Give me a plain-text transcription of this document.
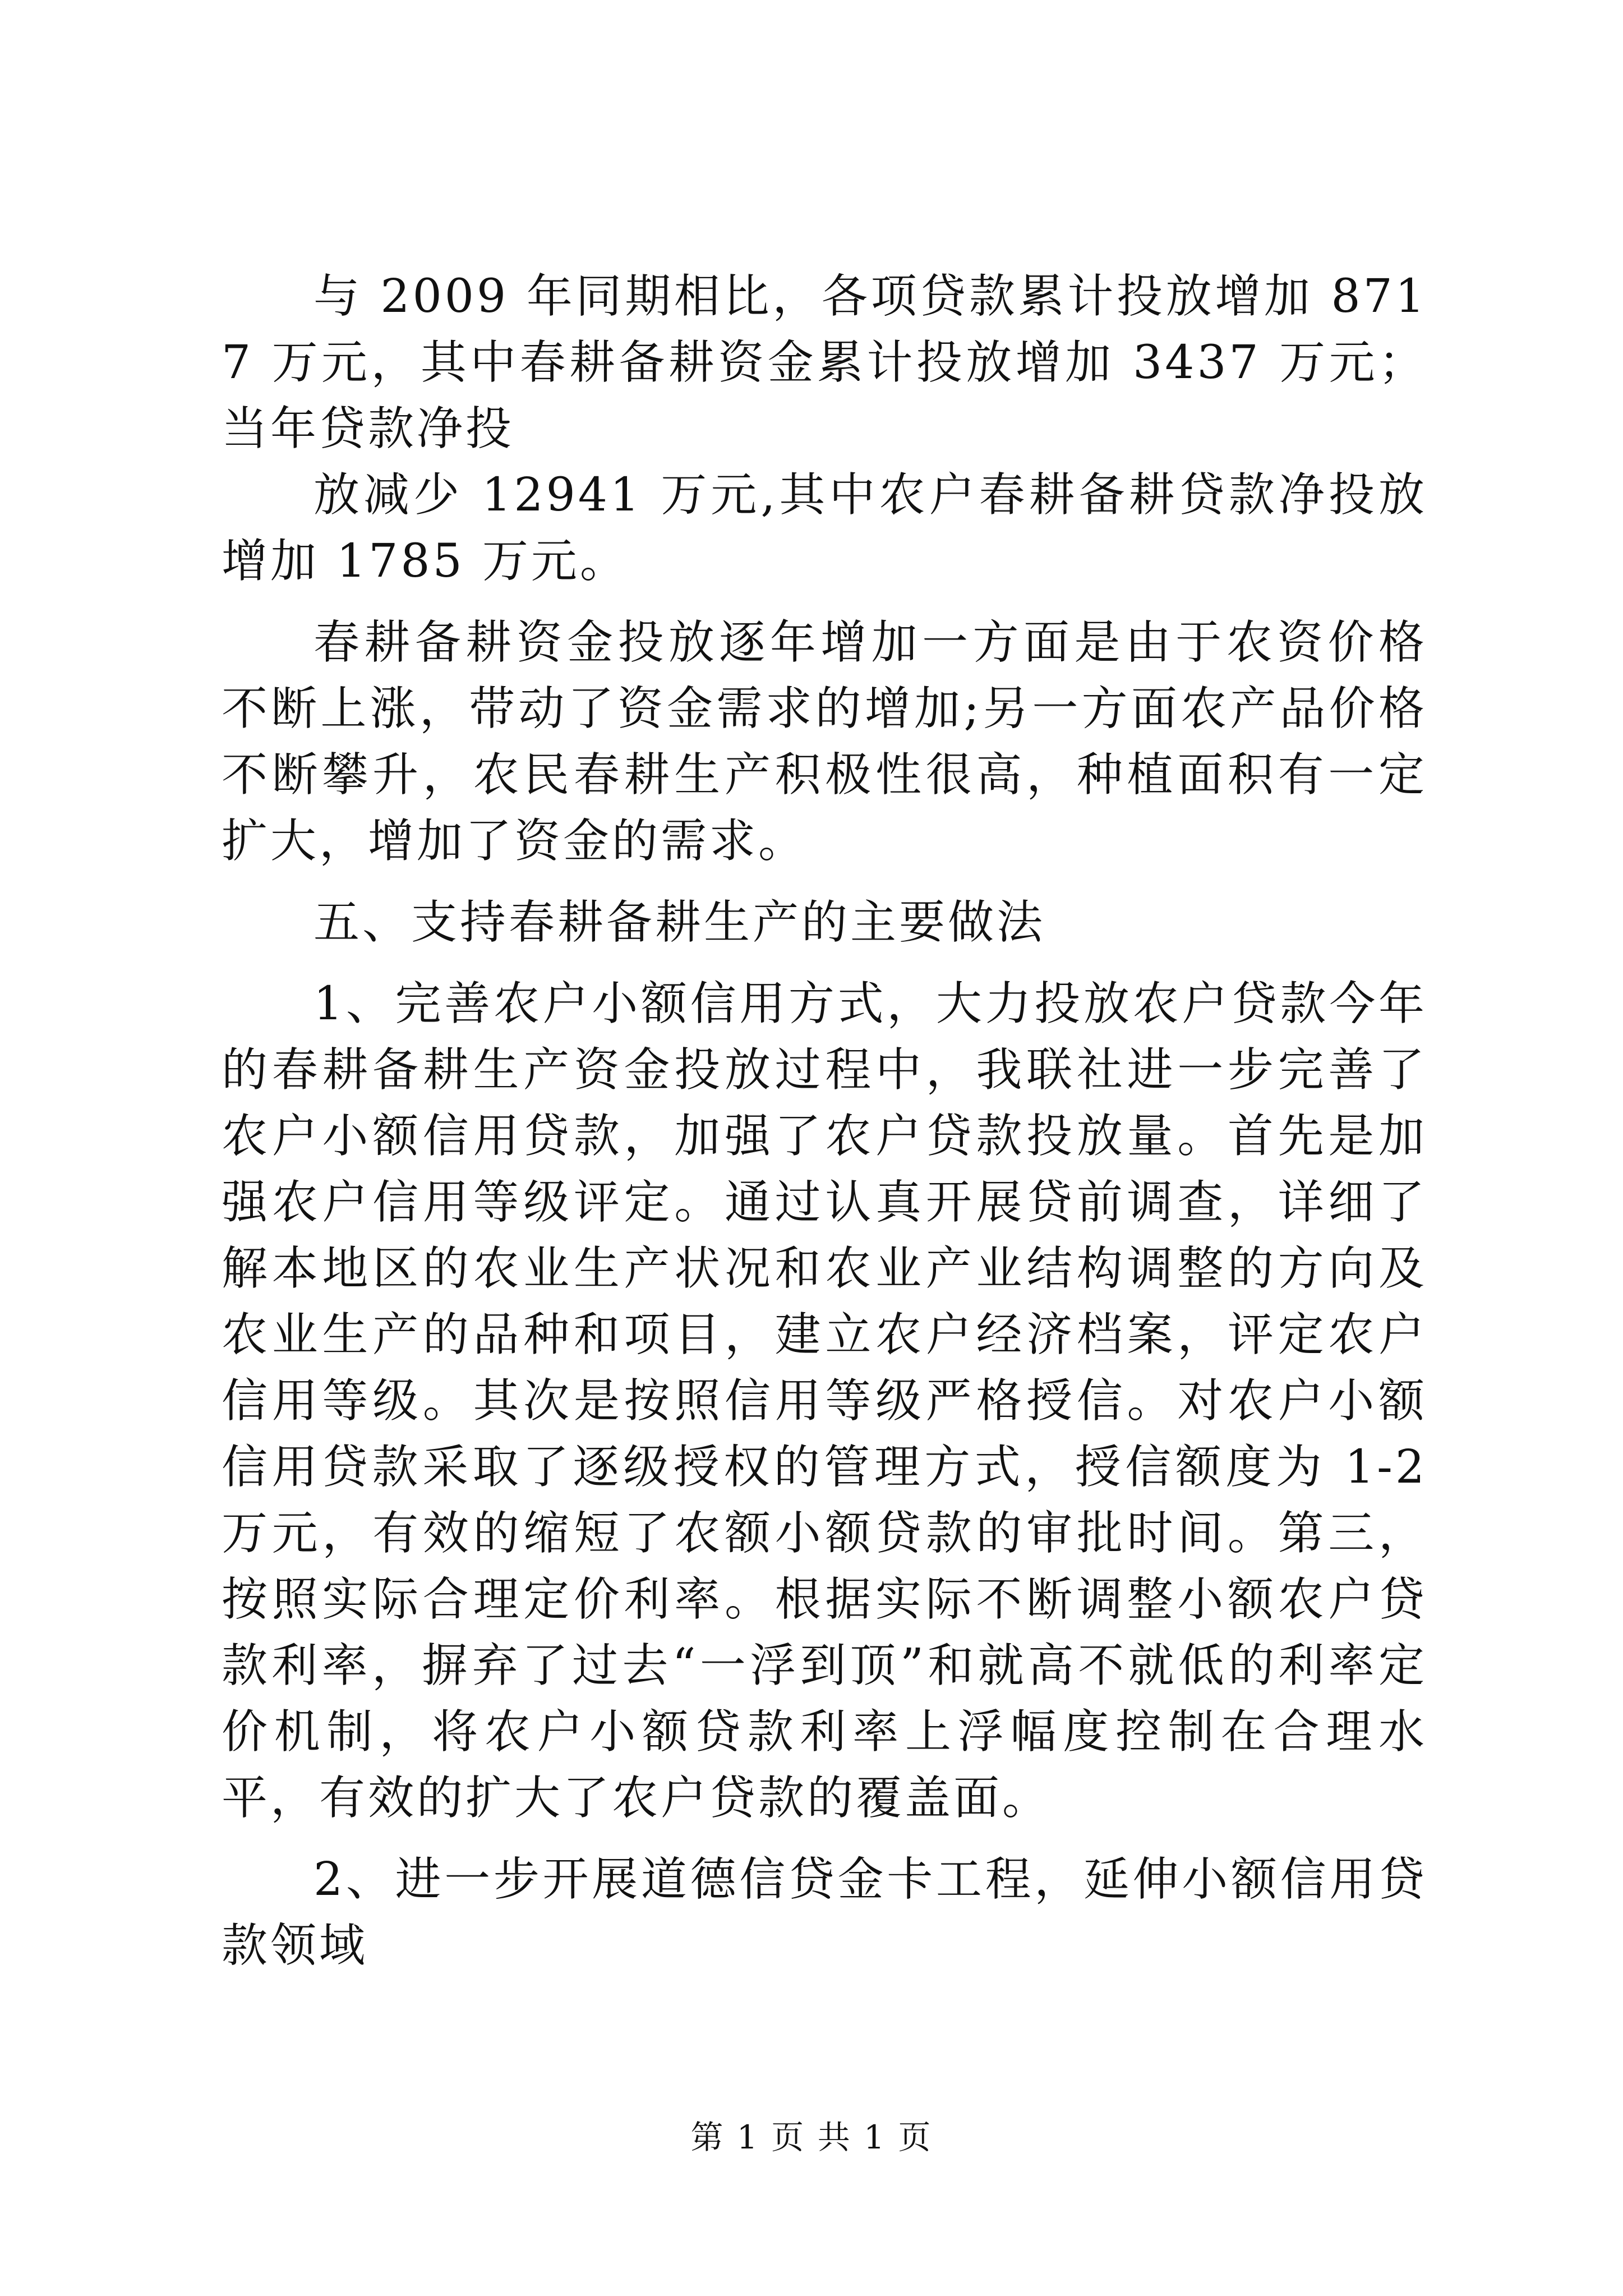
与 2009 年同期相比，各项贷款累计投放增加 8717 万元，其中春耕备耕资金累计投放增加 3437 万元；当年贷款净投

放减少 12941 万元,其中农户春耕备耕贷款净投放增加 1785 万元。

春耕备耕资金投放逐年增加一方面是由于农资价格不断上涨，带动了资金需求的增加;另一方面农产品价格不断攀升，农民春耕生产积极性很高，种植面积有一定扩大，增加了资金的需求。

五、支持春耕备耕生产的主要做法

1、完善农户小额信用方式，大力投放农户贷款今年的春耕备耕生产资金投放过程中，我联社进一步完善了农户小额信用贷款，加强了农户贷款投放量。首先是加强农户信用等级评定。通过认真开展贷前调查，详细了解本地区的农业生产状况和农业产业结构调整的方向及农业生产的品种和项目，建立农户经济档案，评定农户信用等级。其次是按照信用等级严格授信。对农户小额信用贷款采取了逐级授权的管理方式，授信额度为 1-2 万元，有效的缩短了农额小额贷款的审批时间。第三，按照实际合理定价利率。根据实际不断调整小额农户贷款利率，摒弃了过去“一浮到顶”和就高不就低的利率定价机制，将农户小额贷款利率上浮幅度控制在合理水平，有效的扩大了农户贷款的覆盖面。

2、进一步开展道德信贷金卡工程，延伸小额信用贷款领域

第 1 页 共 1 页
